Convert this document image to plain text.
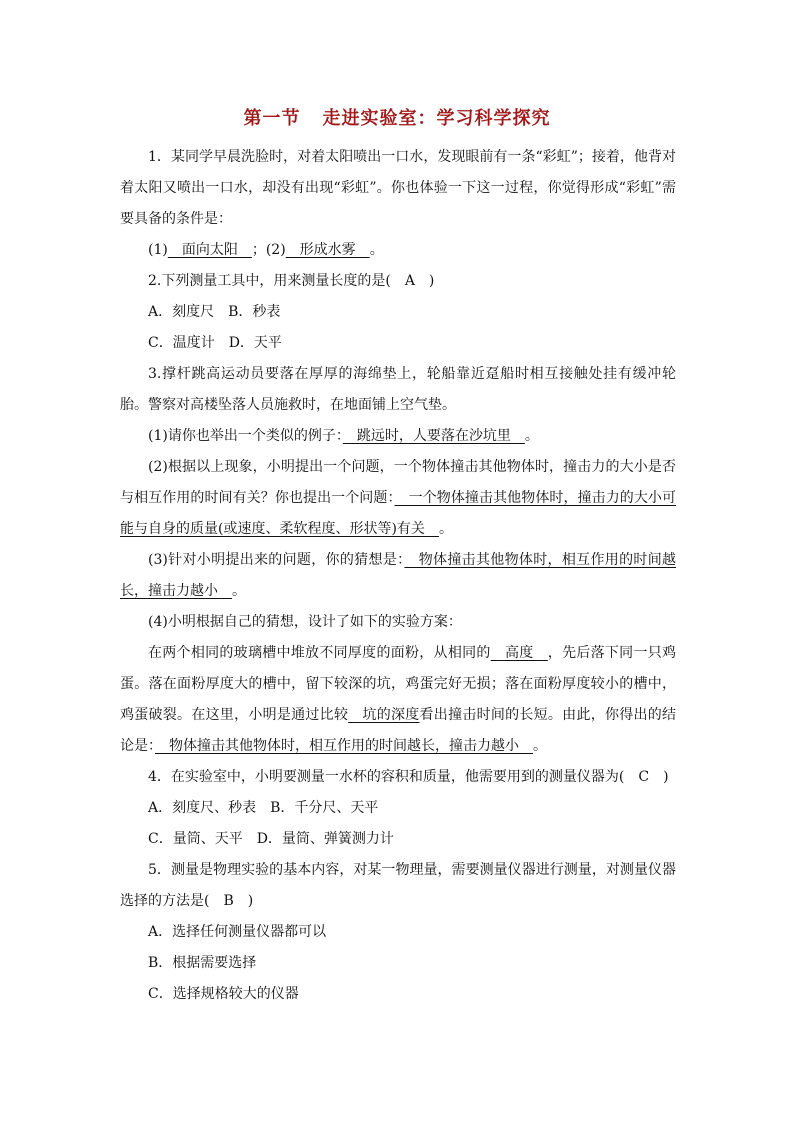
第一节 走进实验室：学习科学探究

1．某同学早晨洗脸时，对着太阳喷出一口水，发现眼前有一条“彩虹”；接着，他背对着太阳又喷出一口水，却没有出现“彩虹”。你也体验一下这一过程，你觉得形成“彩虹”需要具备的条件是：

(1)　面向太阳　；(2)　形成水雾　。

2.下列测量工具中，用来测量长度的是(　A　)

A．刻度尺　B．秒表

C．温度计　D．天平

3.撑杆跳高运动员要落在厚厚的海绵垫上，轮船靠近趸船时相互接触处挂有缓冲轮胎。警察对高楼坠落人员施救时，在地面铺上空气垫。

(1)请你也举出一个类似的例子：　跳远时，人要落在沙坑里　。

(2)根据以上现象，小明提出一个问题，一个物体撞击其他物体时，撞击力的大小是否与相互作用的时间有关？你也提出一个问题：　一个物体撞击其他物体时，撞击力的大小可能与自身的质量(或速度、柔软程度、形状等)有关　。

(3)针对小明提出来的问题，你的猜想是：　物体撞击其他物体时，相互作用的时间越长，撞击力越小　。

(4)小明根据自己的猜想，设计了如下的实验方案：

在两个相同的玻璃槽中堆放不同厚度的面粉，从相同的　高度　，先后落下同一只鸡蛋。落在面粉厚度大的槽中，留下较深的坑，鸡蛋完好无损；落在面粉厚度较小的槽中，鸡蛋破裂。在这里，小明是通过比较　坑的深度看出撞击时间的长短。由此，你得出的结论是：　物体撞击其他物体时，相互作用的时间越长，撞击力越小　。

4．在实验室中，小明要测量一水杯的容积和质量，他需要用到的测量仪器为(　C　)

A．刻度尺、秒表　B．千分尺、天平

C．量筒、天平　D．量筒、弹簧测力计

5．测量是物理实验的基本内容，对某一物理量，需要测量仪器进行测量，对测量仪器选择的方法是(　B　)

A．选择任何测量仪器都可以

B．根据需要选择

C．选择规格较大的仪器
